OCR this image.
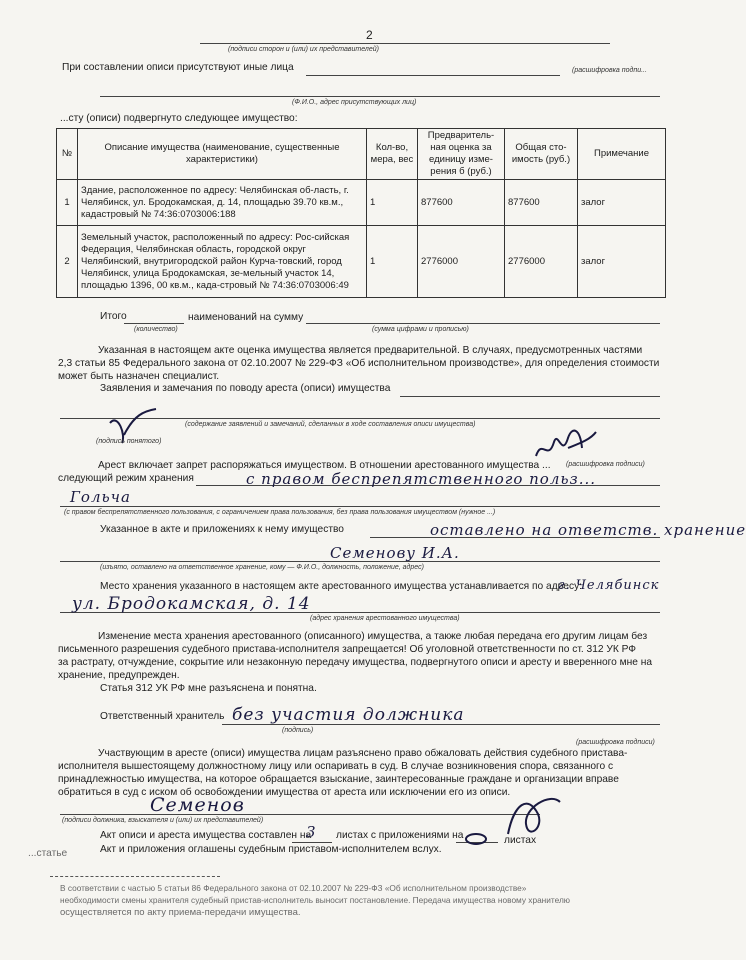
2
(подписи сторон и (или) их представителей)
При составлении описи присутствуют иные лица	(расшифровка подпи...
(Ф.И.О., адрес присутствующих лиц)
...сту (описи) подвергнуто следующее имущество:
№	Описание имущества (наименование, существенные характеристики)	Кол-во, мера, вес	Предваритель-ная оценка за единицу изме-рения б (руб.)	Общая сто-имость (руб.)	Примечание
1	Здание, расположенное по адресу: Челябинская об-ласть, г. Челябинск, ул. Бродокамская, д. 14, площадью 39.70 кв.м., кадастровый № 74:36:0703006:188	1	877600	877600	залог
2	Земельный участок, расположенный по адресу: Рос-сийская Федерация, Челябинская область, городской округ Челябинский, внутригородской район Курча-товский, город Челябинск, улица Бродокамская, зе-мельный участок 14, площадью 1396, 00 кв.м., када-стровый № 74:36:0703006:49	1	2776000	2776000	залог
Итого	наименований на сумму
(количество)	(сумма цифрами и прописью)
Указанная в настоящем акте оценка имущества является предварительной. В случаях, предусмотренных частями
2,3 статьи 85 Федерального закона от 02.10.2007 № 229-ФЗ «Об исполнительном производстве», для определения стоимости
может быть назначен специалист.
Заявления и замечания по поводу ареста (описи) имущества
(содержание заявлений и замечаний, сделанных в ходе составления описи имущества)
(подпись понятого)
(расшифровка подписи)
Арест включает запрет распоряжаться имуществом. В отношении арестованного имущества ...
следующий режим хранения	с правом беспрепятственного польз...
Гольча
(с правом беспрепятственного пользования, с ограничением права пользования, без права пользования имуществом (нужное ...)
Указанное в акте и приложениях к нему имущество	оставлено на ответств. хранение
Семенову И.А.
(изъято, оставлено на ответственное хранение, кому — Ф.И.О., должность, положение, адрес)
Место хранения указанного в настоящем акте арестованного имущества устанавливается по адресу:
г. Челябинск
ул. Бродокамская, д. 14
(адрес хранения арестованного имущества)
Изменение места хранения арестованного (описанного) имущества, а также любая передача его другим лицам без
письменного разрешения судебного пристава-исполнителя запрещается! Об уголовной ответственности по ст. 312 УК РФ
за растрату, отчуждение, сокрытие или незаконную передачу имущества, подвергнутого описи и аресту и вверенного мне на
хранение, предупрежден.
Статья 312 УК РФ мне разъяснена и понятна.
Ответственный хранитель без участия должника
(подпись)
(расшифровка подписи)
Участвующим в аресте (описи) имущества лицам разъяснено право обжаловать действия судебного пристава-
исполнителя вышестоящему должностному лицу или оспаривать в суд. В случае возникновения спора, связанного с
принадлежностью имущества, на которое обращается взыскание, заинтересованные граждане и организации вправе
обратиться в суд с иском об освобождении имущества от ареста или исключении его из описи.
Семенов
(подписи должника, взыскателя и (или) их представителей)
Акт описи и ареста имущества составлен на
3 листах с приложениями на	листах
Акт и приложения оглашены судебным приставом-исполнителем вслух.
...статье
В соответствии с частью 5 статьи 86 Федерального закона от 02.10.2007 № 229-ФЗ «Об исполнительном производстве»
необходимости смены хранителя судебный пристав-исполнитель выносит постановление. Передача имущества новому хранителю
осуществляется по акту приема-передачи имущества.
